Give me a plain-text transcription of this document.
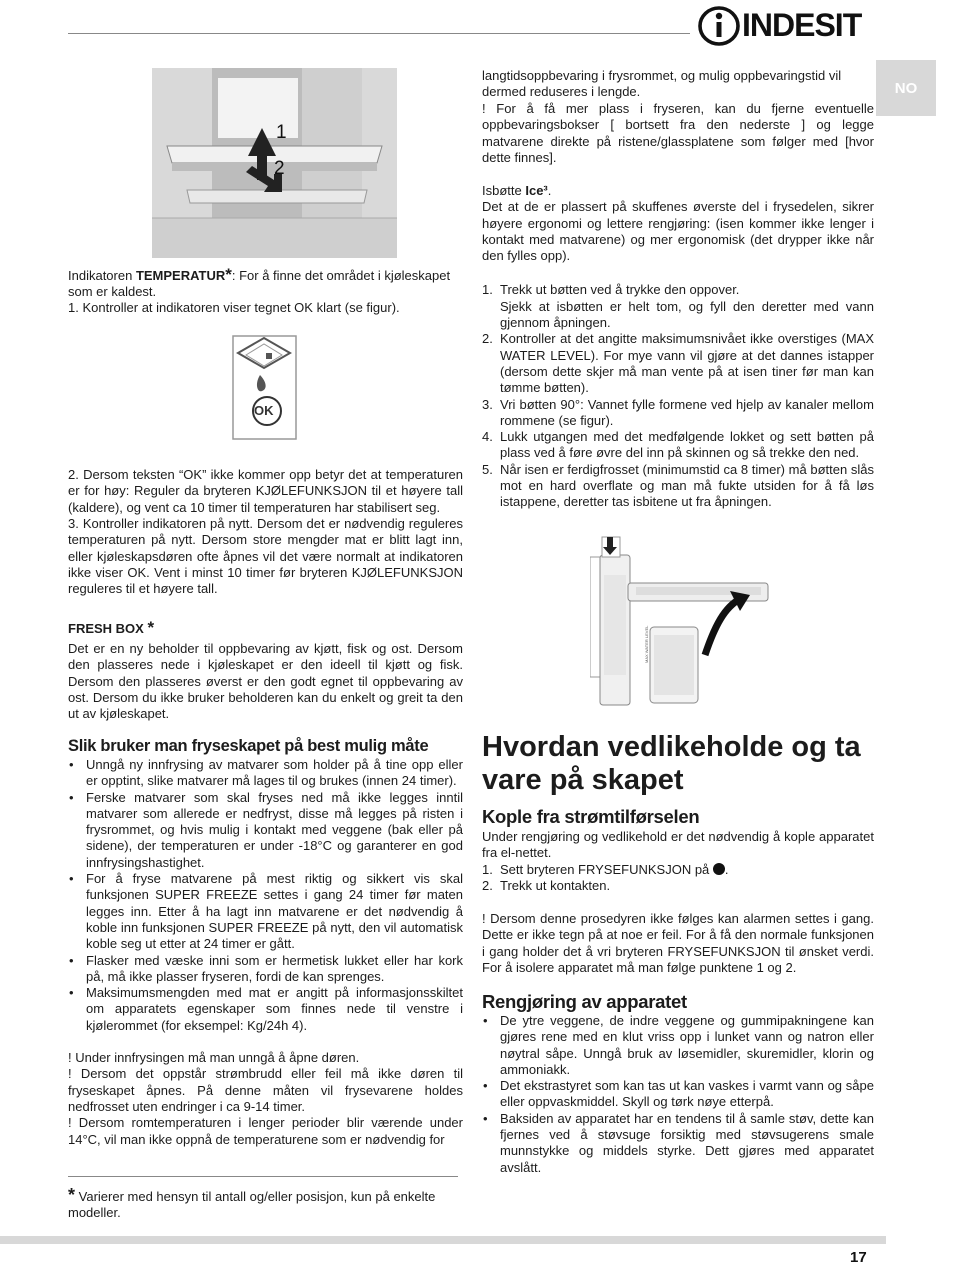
INDESIT
NO
1
2
Indikatoren TEMPERATUR*: For å finne det området i kjøleskapet som er kaldest.
1. Kontroller at indikatoren viser tegnet OK klart (se figur).
OK
2. Dersom teksten “OK” ikke kommer opp betyr det at temperaturen er for høy: Reguler da bryteren KJØLEFUNKSJON til et høyere tall (kaldere), og vent ca 10 timer til temperaturen har stabilisert seg.
3. Kontroller indikatoren på nytt. Dersom det er nødvendig reguleres temperaturen på nytt. Dersom store mengder mat er blitt lagt inn, eller kjøleskapsdøren ofte åpnes vil det være normalt at indikatoren ikke viser OK. Vent i minst 10 timer før bryteren KJØLEFUNKSJON reguleres til et høyere tall.
FRESH BOX *
Det er en ny beholder til oppbevaring av kjøtt, fisk og ost. Dersom den plasseres nede i kjøleskapet er den ideell til kjøtt og fisk. Dersom den plasseres øverst er den godt egnet til oppbevaring av ost. Dersom du ikke bruker beholderen kan du enkelt og greit ta den ut av kjøleskapet.
Slik bruker man fryseskapet på best mulig måte
• Unngå ny innfrysing av matvarer som holder på å tine opp eller er opptint, slike matvarer må lages til og brukes (innen 24 timer).
• Ferske matvarer som skal fryses ned må ikke legges inntil matvarer som allerede er nedfryst, disse må legges på risten i frysrommet, og hvis mulig i kontakt med veggene (bak eller på sidene), der temperaturen er under -18°C og garanterer en god innfrysingshastighet.
• For å fryse matvarene på mest riktig og sikkert vis skal funksjonen SUPER FREEZE settes i gang 24 timer før maten legges inn. Etter å ha lagt inn matvarene er det nødvendig å koble inn funksjonen SUPER FREEZE på nytt, den vil automatisk koble seg ut etter at 24 timer er gått.
• Flasker med væske inni som er hermetisk lukket eller har kork på, må ikke plasser fryseren, fordi de kan sprenges.
• Maksimumsmengden med mat er angitt på informasjonsskiltet om apparatets egenskaper som finnes nede til venstre i kjølerommet (for eksempel: Kg/24h 4).
! Under innfrysingen må man unngå å åpne døren.
! Dersom det oppstår strømbrudd eller feil må ikke døren til fryseskapet åpnes. På denne måten vil frysevarene holdes nedfrosset uten endringer i ca 9-14 timer.
! Dersom romtemperaturen i lenger perioder blir værende under 14°C, vil man ikke oppnå de temperaturene som er nødvendig for
* Varierer med hensyn til antall og/eller posisjon, kun på enkelte modeller.
langtidsoppbevaring i frysrommet, og mulig oppbevaringstid vil dermed reduseres i lengde.
! For å få mer plass i fryseren, kan du fjerne eventuelle oppbevaringsbokser [ bortsett fra den nederste ] og legge matvarene direkte på ristene/glassplatene som følger med [hvor dette finnes].
Isbøtte Ice³.
Det at de er plassert på skuffenes øverste del i frysedelen, sikrer høyere ergonomi og lettere rengjøring: (isen kommer ikke lenger i kontakt med matvarene) og mer ergonomisk (det drypper ikke når den fylles opp).
1. Trekk ut bøtten ved å trykke den oppover.
Sjekk at isbøtten er helt tom, og fyll den deretter med vann gjennom åpningen.
2. Kontroller at det angitte maksimumsnivået ikke overstiges (MAX WATER LEVEL). For mye vann vil gjøre at det dannes istapper (dersom dette skjer må man vente på at isen tiner før man kan tømme bøtten).
3. Vri bøtten 90°: Vannet fylle formene ved hjelp av kanaler mellom rommene (se figur).
4. Lukk utgangen med det medfølgende lokket og sett bøtten på plass ved å føre øvre del inn på skinnen og så trekke den ned.
5. Når isen er ferdigfrosset (minimumstid ca 8 timer) må bøtten slås mot en hard overflate og man må fukte utsiden for å få løs istappene, deretter tas isbitene ut fra åpningen.
MAX WATER LEVEL
Hvordan vedlikeholde og ta vare på skapet
Kople fra strømtilførselen
Under rengjøring og vedlikehold er det nødvendig å kople apparatet fra el-nettet.
1. Sett bryteren FRYSEFUNKSJON på .
2. Trekk ut kontakten.
! Dersom denne prosedyren ikke følges kan alarmen settes i gang. Dette er ikke tegn på at noe er feil. For å få den normale funksjonen i gang holder det å vri bryteren FRYSEFUNKSJON til ønsket verdi. For å isolere apparatet må man følge punktene 1 og 2.
Rengjøring av apparatet
• De ytre veggene, de indre veggene og gummipakningene kan gjøres rene med en klut vriss opp i lunket vann og natron eller nøytral såpe. Unngå bruk av løsemidler, skuremidler, klorin og ammoniakk.
• Det ekstrastyret som kan tas ut kan vaskes i varmt vann og såpe eller oppvaskmiddel. Skyll og tørk nøye etterpå.
• Baksiden av apparatet har en tendens til å samle støv, dette kan fjernes ved å støvsuge forsiktig med støvsugerens smale munnstykke og middels styrke. Dett gjøres med apparatet avslått.
17
